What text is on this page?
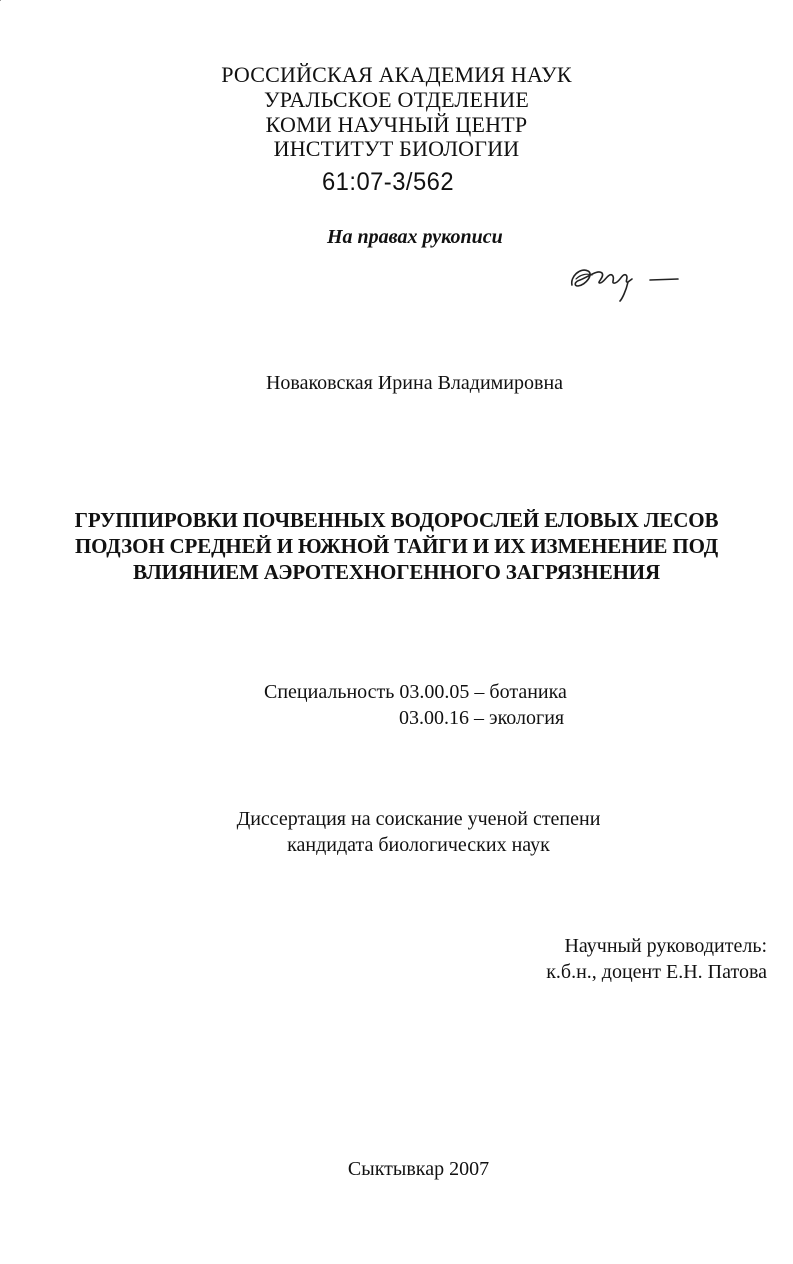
РОССИЙСКАЯ АКАДЕМИЯ НАУК
УРАЛЬСКОЕ ОТДЕЛЕНИЕ
КОМИ НАУЧНЫЙ ЦЕНТР
ИНСТИТУТ БИОЛОГИИ
61:07-3/562
На правах рукописи
Новаковская Ирина Владимировна
ГРУППИРОВКИ ПОЧВЕННЫХ ВОДОРОСЛЕЙ ЕЛОВЫХ ЛЕСОВ
ПОДЗОН СРЕДНЕЙ И ЮЖНОЙ ТАЙГИ И ИХ ИЗМЕНЕНИЕ ПОД
ВЛИЯНИЕМ АЭРОТЕХНОГЕННОГО ЗАГРЯЗНЕНИЯ
Специальность 03.00.05 – ботаника
03.00.16 – экология
Диссертация на соискание ученой степени
кандидата биологических наук
Научный руководитель:
к.б.н., доцент Е.Н. Патова
Сыктывкар 2007
